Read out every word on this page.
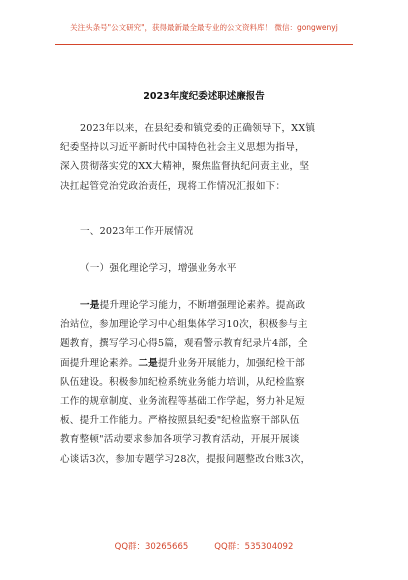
关注头条号"公文研究"，获得最新最全最专业的公文资料库！ 微信：gongwenyj
2023年度纪委述职述廉报告
2023年以来，在县纪委和镇党委的正确领导下，XX镇
纪委坚持以习近平新时代中国特色社会主义思想为指导，
深入贯彻落实党的XX大精神，聚焦监督执纪问责主业，坚
决扛起管党治党政治责任，现将工作情况汇报如下：
一、2023年工作开展情况
（一）强化理论学习，增强业务水平
一是提升理论学习能力，不断增强理论素养。提高政
治站位，参加理论学习中心组集体学习10次，积极参与主
题教育，撰写学习心得5篇，观看警示教育纪录片4部，全
面提升理论素养。二是提升业务开展能力，加强纪检干部
队伍建设。积极参加纪检系统业务能力培训，从纪检监察
工作的规章制度、业务流程等基础工作学起，努力补足短
板、提升工作能力。严格按照县纪委"纪检监察干部队伍
教育整顿"活动要求参加各项学习教育活动，开展开展谈
心谈话3次，参加专题学习28次，提报问题整改台账3次，
QQ群：30265665	QQ群：535304092
